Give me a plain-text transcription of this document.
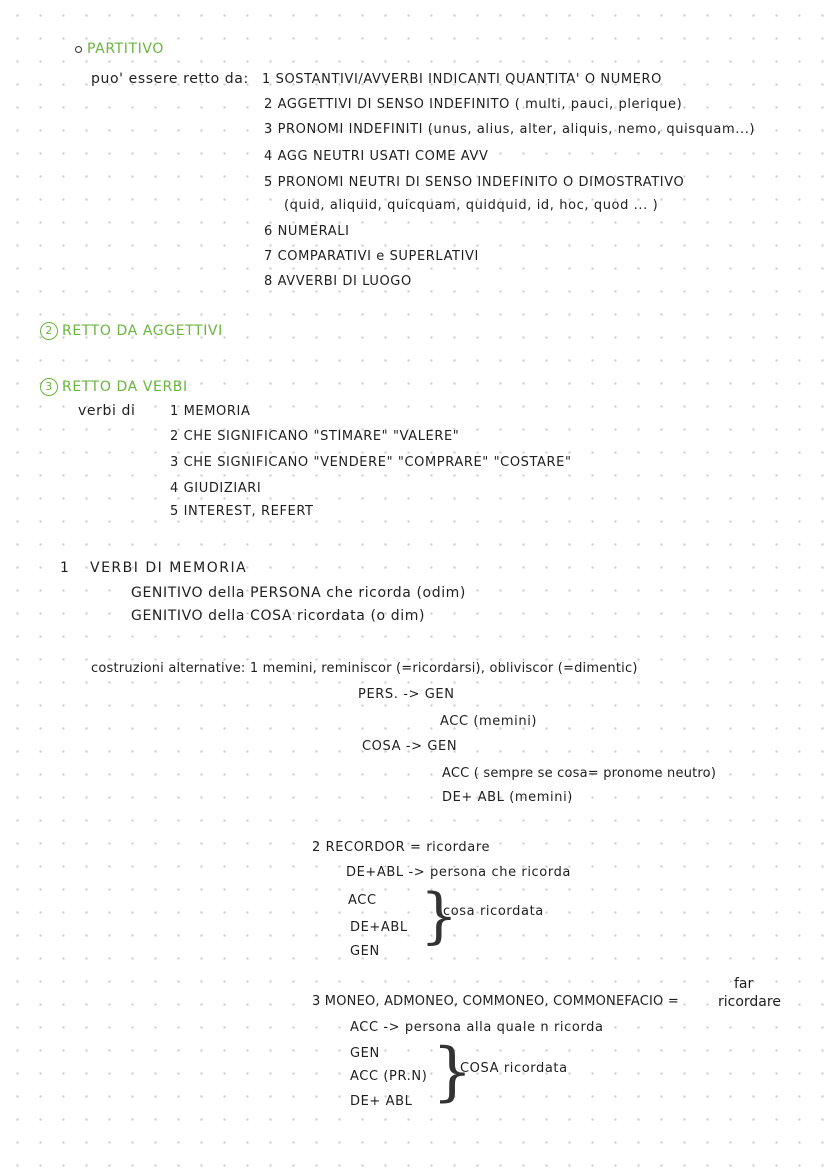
PARTITIVO
puo' essere retto da: 1 SOSTANTIVI/AVVERBI INDICANTI QUANTITA' O NUMERO
2 AGGETTIVI DI SENSO INDEFINITO ( multi, pauci, plerique)
3 PRONOMI INDEFINITI (unus, alius, alter, aliquis, nemo, quisquam...)
4 AGG NEUTRI USATI COME AVV
5 PRONOMI NEUTRI DI SENSO INDEFINITO O DIMOSTRATIVO
(quid, aliquid, quicquam, quidquid, id, hoc, quod ... )
6 NUMERALI
7 COMPARATIVI e SUPERLATIVI
8 AVVERBI DI LUOGO
2 RETTO DA AGGETTIVI
3 RETTO DA VERBI
verbi di	1 MEMORIA
2 CHE SIGNIFICANO "STIMARE" "VALERE"
3 CHE SIGNIFICANO "VENDERE" "COMPRARE" "COSTARE"
4 GIUDIZIARI
5 INTEREST, REFERT
1 VERBI DI MEMORIA
GENITIVO della PERSONA che ricorda (odim)
GENITIVO della COSA ricordata (o dim)
costruzioni alternative: 1 memini, reminiscor (=ricordarsi), obliviscor (=dimentic)
PERS. -> GEN
ACC (memini)
COSA -> GEN
ACC ( sempre se cosa= pronome neutro)
DE+ ABL (memini)
2 RECORDOR = ricordare
DE+ABL -> persona che ricorda
ACC
DE+ABL
GEN
}
cosa ricordata
3 MONEO, ADMONEO, COMMONEO, COMMONEFACIO =
far
ricordare
ACC -> persona alla quale n ricorda
GEN
ACC (PR.N)
DE+ ABL }
COSA ricordata
